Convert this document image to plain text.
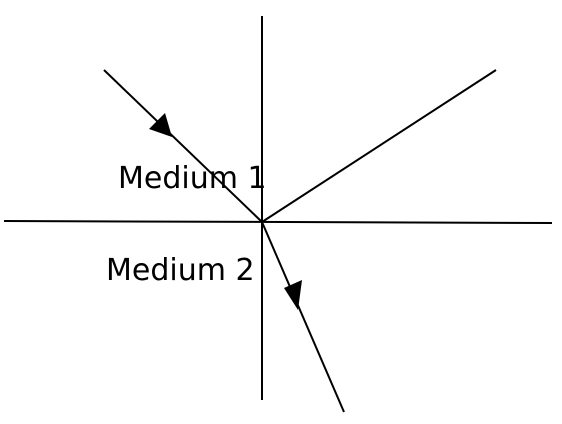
Medium 1
Medium 2
